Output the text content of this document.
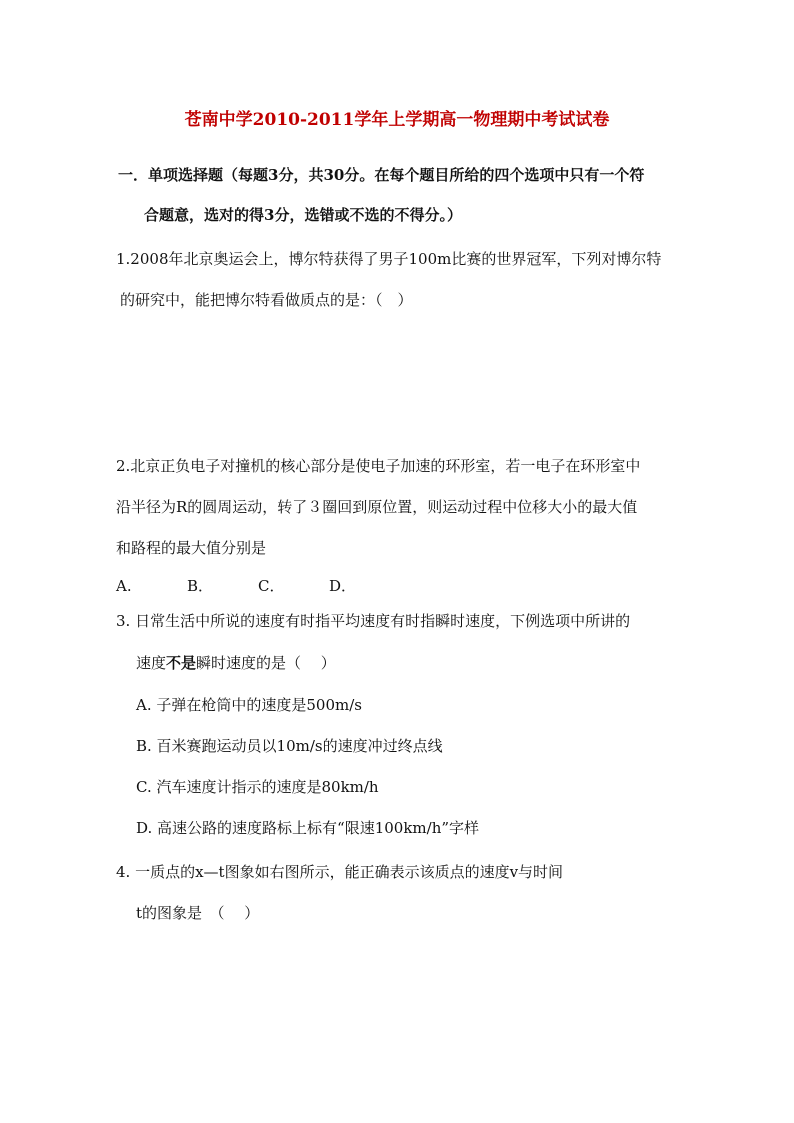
苍南中学2010-2011学年上学期高一物理期中考试试卷
一．单项选择题（每题3分，共30分。在每个题目所给的四个选项中只有一个符
合题意，选对的得3分，选错或不选的不得分。）
1.2008年北京奥运会上，博尔特获得了男子100m比赛的世界冠军，下列对博尔特
的研究中，能把博尔特看做质点的是：（　）
2.北京正负电子对撞机的核心部分是使电子加速的环形室，若一电子在环形室中
沿半径为R的圆周运动，转了３圈回到原位置，则运动过程中位移大小的最大值
和路程的最大值分别是
A.	B．	C．	D．
3. 日常生活中所说的速度有时指平均速度有时指瞬时速度，下例选项中所讲的
速度不是瞬时速度的是（　 ）
A. 子弹在枪筒中的速度是500m/s
B. 百米赛跑运动员以10m/s的速度冲过终点线
C. 汽车速度计指示的速度是80km/h
D. 高速公路的速度路标上标有“限速100km/h”字样
4. 一质点的x—t图象如右图所示，能正确表示该质点的速度v与时间
t的图象是　（　 ）
